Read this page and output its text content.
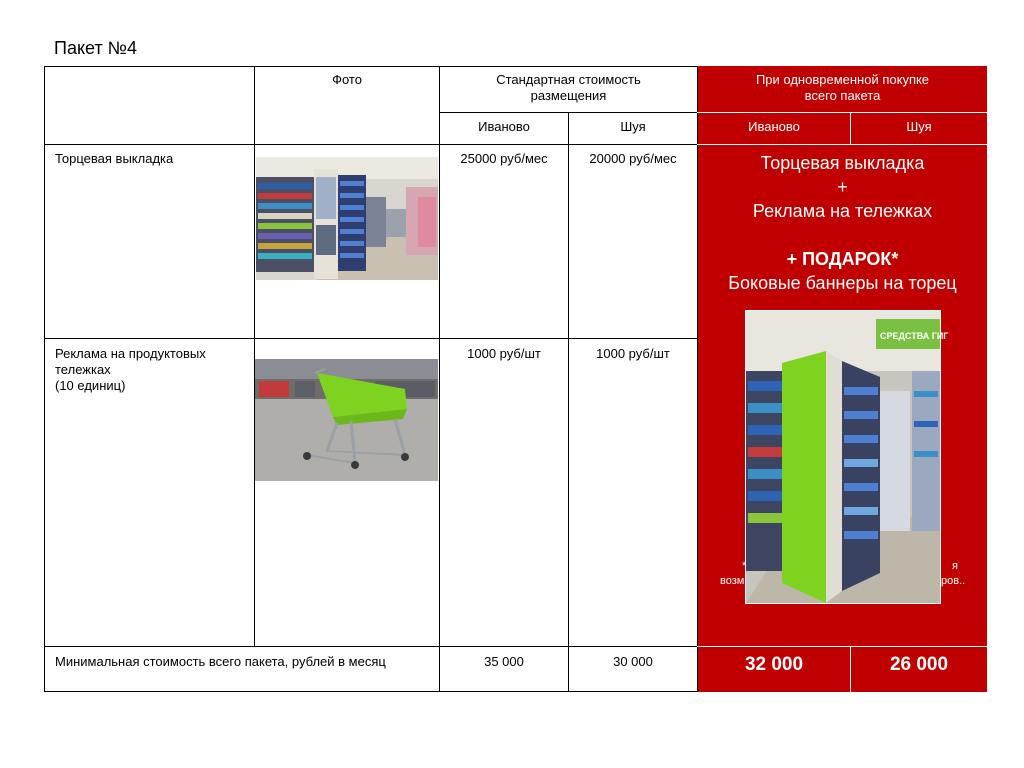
Пакет №4
Фото	Стандартная стоимость
размещения
При одновременной покупке
всего пакета
Иваново	Шуя	Иваново	Шуя
Торцевая выкладка	25000 руб/мес	20000 руб/мес
Реклама на продуктовых
тележках
(10 единиц)
1000 руб/шт	1000 руб/шт
Торцевая выкладка
+
Реклама на тележках
+ ПОДАРОК*
Боковые баннеры на торец
*
возм
я
ров..
СРЕДСТВА ГИГ
Минимальная стоимость всего пакета, рублей в месяц	35 000	30 000	32 000	26 000
